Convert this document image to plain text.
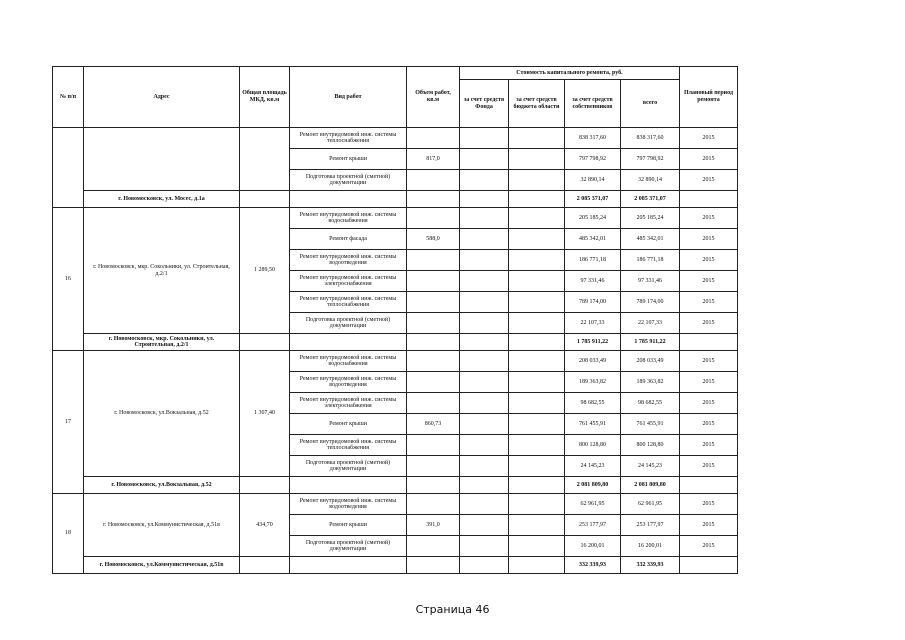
№ п/п	Адрес	Общая площадь МКД, кв.м	Вид работ	Объем работ, кв.м	Стоимость капитального ремонта, руб.				Плановый период ремонта
					за счет средств Фонда	за счет средств бюджета области	за счет средств собственников	всего	
			Ремонт внутридомовой инж. системы теплоснабжения				838 317,60	838 317,60	2015
			Ремонт крыши	817,0			797 798,92	797 798,92	2015
			Подготовка проектной (сметной) документации				32 890,14	32 890,14	2015
	г. Новомосковск, ул. Мосес, д.1а						2 085 371,07	2 085 371,07	
16	г. Новомосковск, мкр. Сокольники, ул. Строительная, д.2/1	1 289,50	Ремонт внутридомовой инж. системы водоснабжения				205 185,24	205 185,24	2015
			Ремонт фасада	588,0			485 342,01	485 342,01	2015
			Ремонт внутридомовой инж. системы водоотведения				186 771,18	186 771,18	2015
			Ремонт внутридомовой инж. системы электроснабжения				97 331,46	97 331,46	2015
			Ремонт внутридомовой инж. системы теплоснабжения				789 174,00	789 174,00	2015
			Подготовка проектной (сметной) документации				22 107,33	22 107,33	2015
	г. Новомосковск, мкр. Сокольники, ул. Строительная, д.2/1						1 785 911,22	1 785 911,22	
17	г. Новомосковск, ул.Вокзальная, д.52	1 307,40	Ремонт внутридомовой инж. системы водоснабжения				208 033,49	208 033,49	2015
			Ремонт внутридомовой инж. системы водоотведения				189 363,82	189 363,82	2015
			Ремонт внутридомовой инж. системы электроснабжения				98 682,55	98 682,55	2015
			Ремонт крыши	860,73			761 455,91	761 455,91	2015
			Ремонт внутридомовой инж. системы теплоснабжения				800 128,80	800 128,80	2015
			Подготовка проектной (сметной) документации				24 145,23	24 145,23	2015
	г. Новомосковск, ул.Вокзальная, д.52						2 081 809,80	2 081 809,80	
18	г. Новомосковск, ул.Коммунистическая, д.51в	434,70	Ремонт внутридомовой инж. системы водоотведения				62 961,95	62 961,95	2015
			Ремонт крыши	391,0			253 177,97	253 177,97	2015
			Подготовка проектной (сметной) документации				16 200,01	16 200,01	2015
	г. Новомосковск, ул.Коммунистическая, д.51в						332 339,93	332 339,93	
Страница 46
